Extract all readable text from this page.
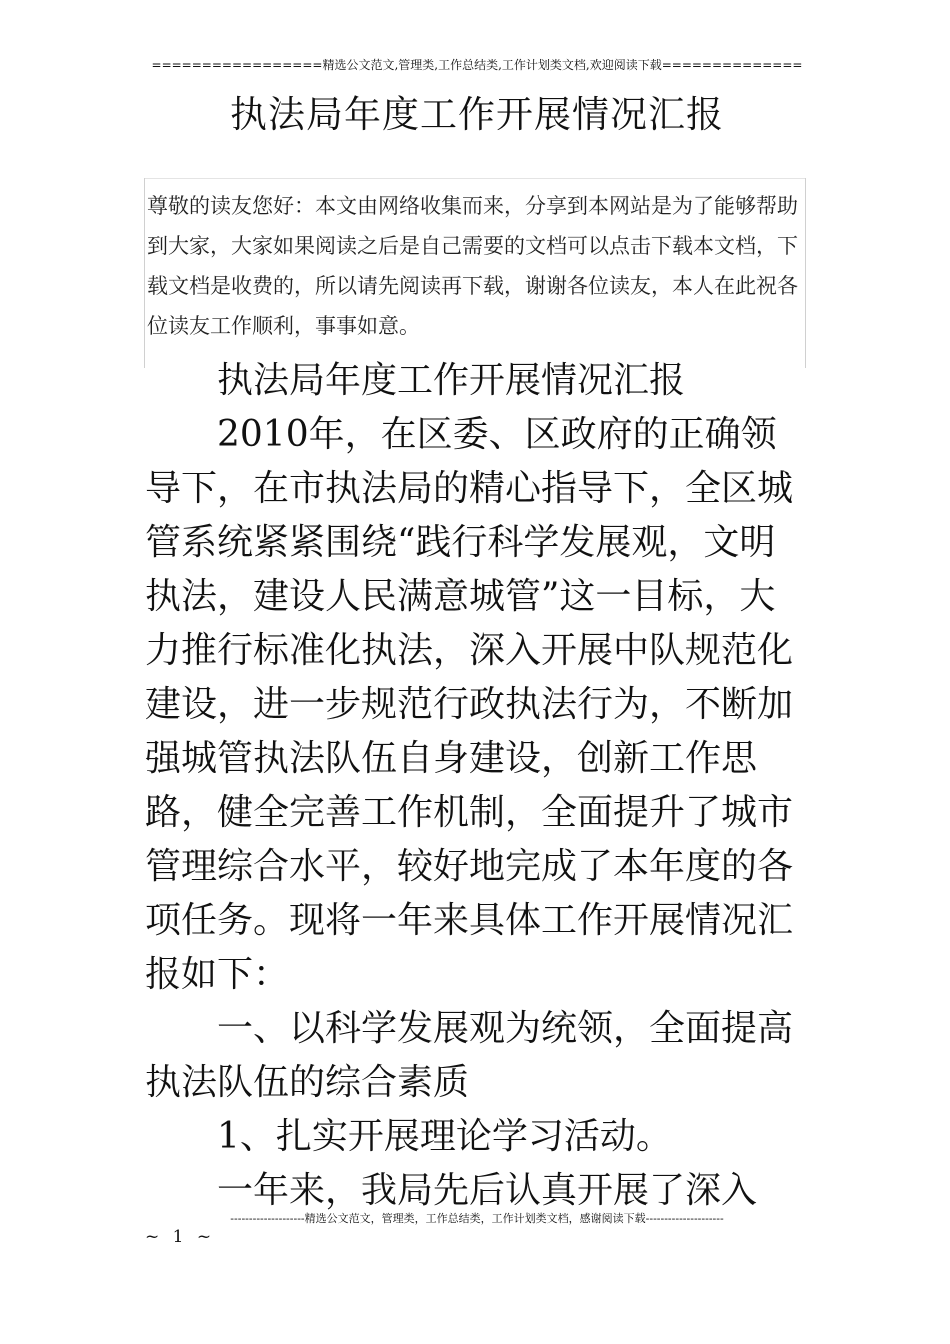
=================精选公文范文,管理类,工作总结类,工作计划类文档,欢迎阅读下载==============
执法局年度工作开展情况汇报
尊敬的读友您好：本文由网络收集而来，分享到本网站是为了能够帮助到大家，大家如果阅读之后是自己需要的文档可以点击下载本文档，下载文档是收费的，所以请先阅读再下载，谢谢各位读友，本人在此祝各位读友工作顺利，事事如意。

执法局年度工作开展情况汇报

2010年，在区委、区政府的正确领导下，在市执法局的精心指导下，全区城管系统紧紧围绕“践行科学发展观，文明执法，建设人民满意城管”这一目标，大力推行标准化执法，深入开展中队规范化建设，进一步规范行政执法行为，不断加强城管执法队伍自身建设，创新工作思路，健全完善工作机制，全面提升了城市管理综合水平，较好地完成了本年度的各项任务。现将一年来具体工作开展情况汇报如下：

一、以科学发展观为统领，全面提高执法队伍的综合素质

1、扎实开展理论学习活动。

一年来，我局先后认真开展了深入

--------------------精选公文范文，管理类，工作总结类，工作计划类文档，感谢阅读下载---------------------
~ 1 ~
